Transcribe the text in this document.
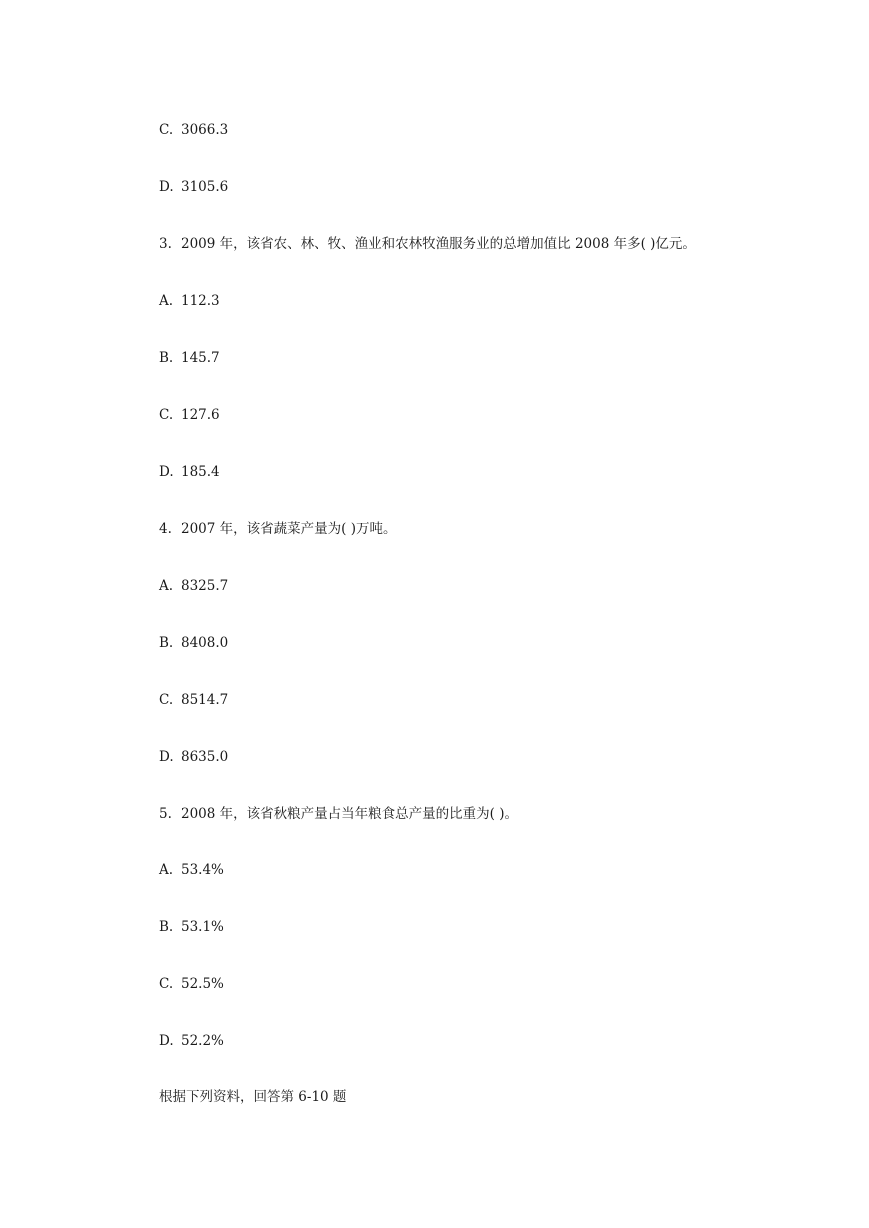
C. 3066.3
D. 3105.6
3. 2009 年，该省农、林、牧、渔业和农林牧渔服务业的总增加值比 2008 年多( )亿元。
A. 112.3
B. 145.7
C. 127.6
D. 185.4
4. 2007 年，该省蔬菜产量为( )万吨。
A. 8325.7
B. 8408.0
C. 8514.7
D. 8635.0
5. 2008 年，该省秋粮产量占当年粮食总产量的比重为( )。
A. 53.4%
B. 53.1%
C. 52.5%
D. 52.2%
根据下列资料，回答第 6-10 题
